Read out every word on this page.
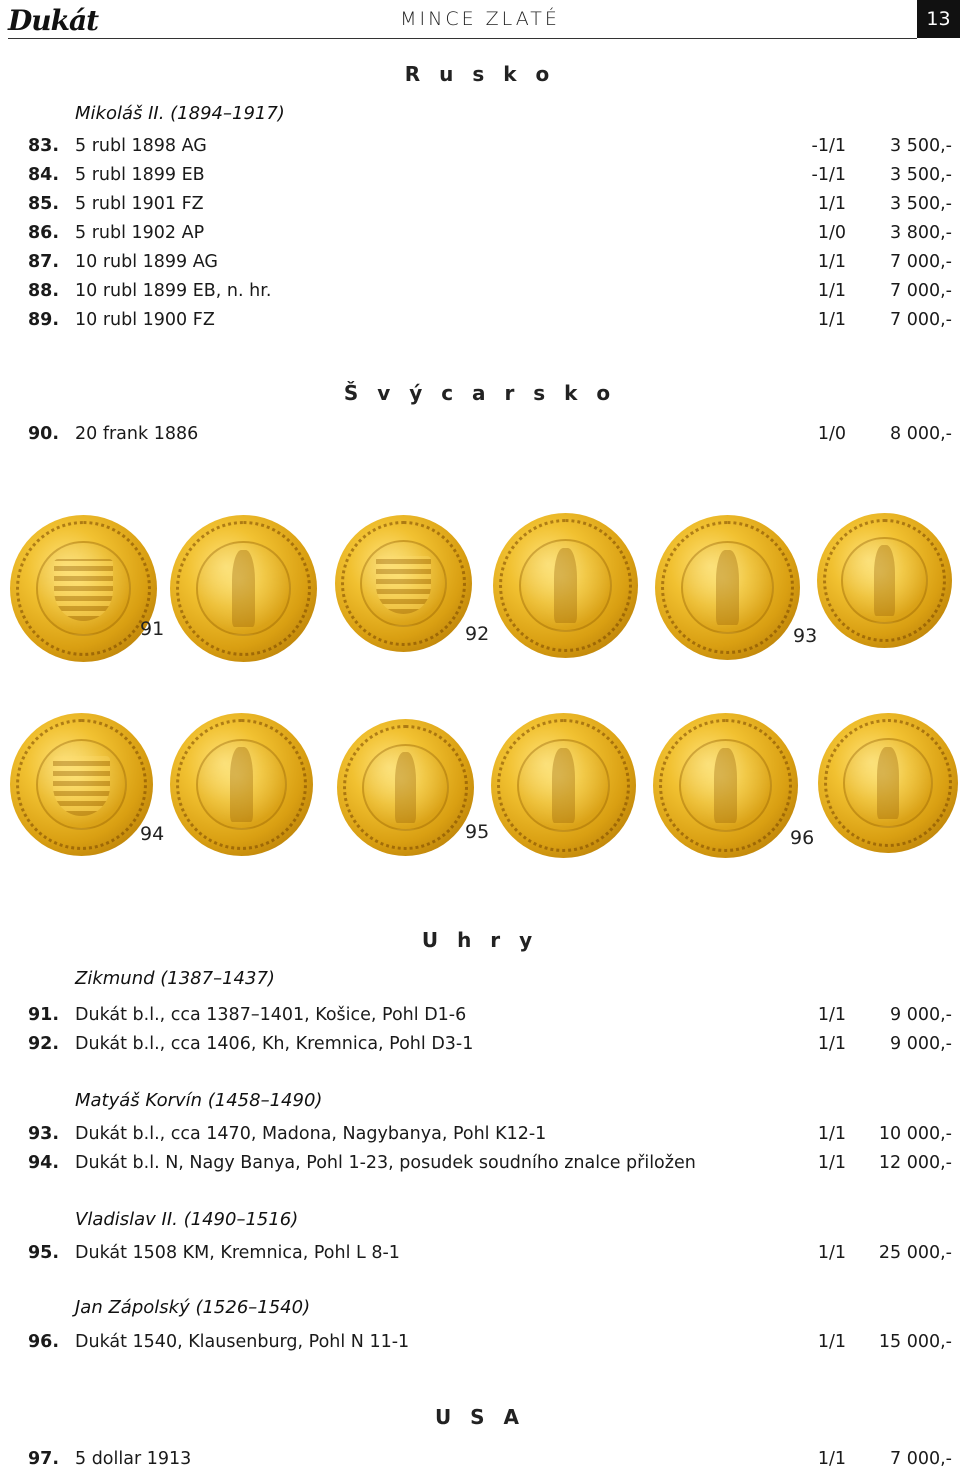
Dukát	MINCE ZLATÉ	13
R u s k o
Mikoláš II. (1894–1917)
83. 5 rubl 1898 AG	-1/1	3 500,-
84. 5 rubl 1899 EB	-1/1	3 500,-
85. 5 rubl 1901 FZ	1/1	3 500,-
86. 5 rubl 1902 AP	1/0	3 800,-
87. 10 rubl 1899 AG	1/1	7 000,-
88. 10 rubl 1899 EB, n. hr.	1/1	7 000,-
89. 10 rubl 1900 FZ	1/1	7 000,-
Š v ý c a r s k o
90. 20 frank 1886	1/0	8 000,-
91	92	93
94	95	96
U h r y
Zikmund (1387–1437)
91. Dukát b.l., cca 1387–1401, Košice, Pohl D1-6	1/1	9 000,-
92. Dukát b.l., cca 1406, Kh, Kremnica, Pohl D3-1	1/1	9 000,-
Matyáš Korvín (1458–1490)
93. Dukát b.l., cca 1470, Madona, Nagybanya, Pohl K12-1	1/1 10 000,-
94. Dukát b.l. N, Nagy Banya, Pohl 1-23, posudek soudního znalce přiložen	1/1 12 000,-
Vladislav II. (1490–1516)
95. Dukát 1508 KM, Kremnica, Pohl L 8-1	1/1 25 000,-
Jan Zápolský (1526–1540)
96. Dukát 1540, Klausenburg, Pohl N 11-1	1/1 15 000,-
U S A
97. 5 dollar 1913	1/1	7 000,-
